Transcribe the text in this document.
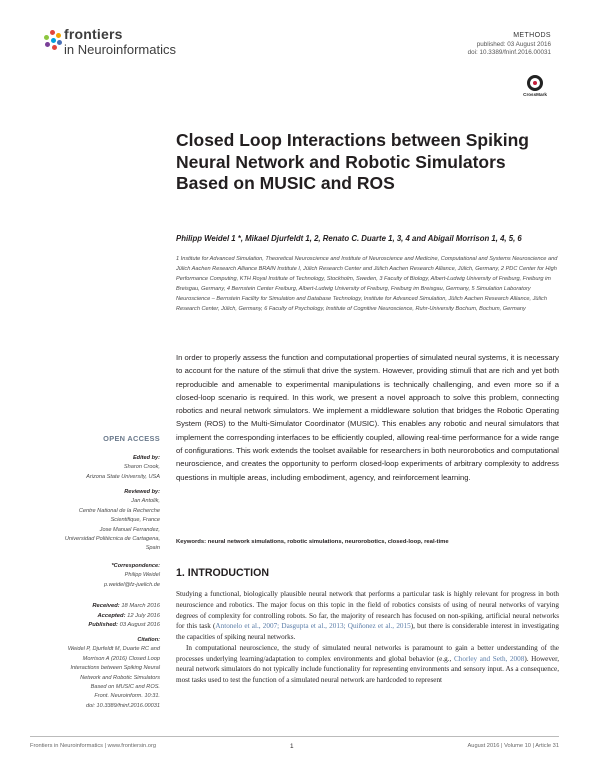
frontiers
in Neuroinformatics
METHODS
published: 03 August 2016
doi: 10.3389/fninf.2016.00031
CrossMark
Closed Loop Interactions between Spiking Neural Network and Robotic Simulators Based on MUSIC and ROS
Philipp Weidel 1 *, Mikael Djurfeldt 1, 2, Renato C. Duarte 1, 3, 4 and Abigail Morrison 1, 4, 5, 6
1 Institute for Advanced Simulation, Theoretical Neuroscience and Institute of Neuroscience and Medicine, Computational and Systems Neuroscience and Jülich Aachen Research Alliance BRAIN Institute I, Jülich Research Center and Jülich Aachen Research Alliance, Jülich, Germany, 2 PDC Center for High Performance Computing, KTH Royal Institute of Technology, Stockholm, Sweden, 3 Faculty of Biology, Albert-Ludwig University of Freiburg, Freiburg im Breisgau, Germany, 4 Bernstein Center Freiburg, Albert-Ludwig University of Freiburg, Freiburg im Breisgau, Germany, 5 Simulation Laboratory Neuroscience – Bernstein Facility for Simulation and Database Technology, Institute for Advanced Simulation, Jülich Aachen Research Alliance, Jülich Research Center, Jülich, Germany, 6 Faculty of Psychology, Institute of Cognitive Neuroscience, Ruhr-University Bochum, Bochum, Germany
OPEN ACCESS
Edited by:
Sharon Crook,
Arizona State University, USA
Reviewed by:
Jan Antolik,
Centre National de la Recherche
Scientifique, France
Jose Manuel Ferrandez,
Universidad Politécnica de Cartagena,
Spain
*Correspondence:
Philipp Weidel
p.weidel@fz-juelich.de
Received: 18 March 2016
Accepted: 12 July 2016
Published: 03 August 2016
Citation:
Weidel P, Djurfeldt M, Duarte RC and
Morrison A (2016) Closed Loop
Interactions between Spiking Neural
Network and Robotic Simulators
Based on MUSIC and ROS.
Front. Neuroinform. 10:31.
doi: 10.3389/fninf.2016.00031
In order to properly assess the function and computational properties of simulated neural systems, it is necessary to account for the nature of the stimuli that drive the system. However, providing stimuli that are rich and yet both reproducible and amenable to experimental manipulations is technically challenging, and even more so if a closed-loop scenario is required. In this work, we present a novel approach to solve this problem, connecting robotics and neural network simulators. We implement a middleware solution that bridges the Robotic Operating System (ROS) to the Multi-Simulator Coordinator (MUSIC). This enables any robotic and neural simulators that implement the corresponding interfaces to be efficiently coupled, allowing real-time performance for a wide range of configurations. This work extends the toolset available for researchers in both neurorobotics and computational neuroscience, and creates the opportunity to perform closed-loop experiments of arbitrary complexity to address questions in multiple areas, including embodiment, agency, and reinforcement learning.
Keywords: neural network simulations, robotic simulations, neurorobotics, closed-loop, real-time
1. INTRODUCTION

Studying a functional, biologically plausible neural network that performs a particular task is highly relevant for progress in both neuroscience and robotics. The major focus on this topic in the field of robotics consists of using of neural networks of varying degrees of complexity for controlling robots. So far, the majority of research has focused on non-spiking, artificial neural networks for this task (Antonelo et al., 2007; Dasgupta et al., 2013; Quiñonez et al., 2015), but there is considerable interest in investigating the capacities of spiking neural networks.

In computational neuroscience, the study of simulated neural networks is paramount to gain a better understanding of the processes underlying learning/adaptation to complex environments and global behavior (e.g., Chorley and Seth, 2008). However, neural network simulators do not typically include functionality for representing environments and sensory input. As a consequence, most tasks used to test the function of a simulated neural network are hardcoded to represent

Frontiers in Neuroinformatics | www.frontiersin.org	1	August 2016 | Volume 10 | Article 31
